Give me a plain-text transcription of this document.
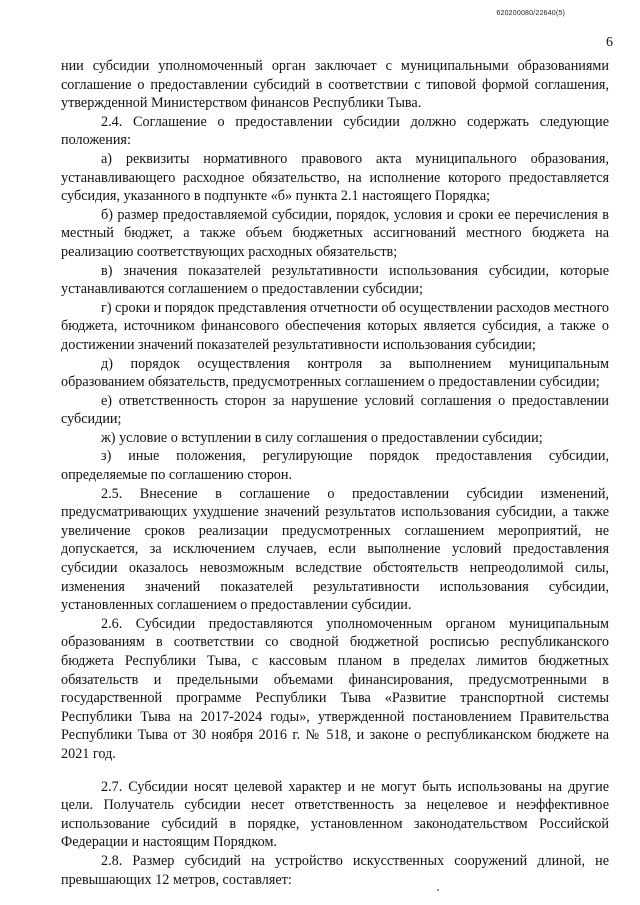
620200080/22640(5)
6

нии субсидии уполномоченный орган заключает с муниципальными образованиями соглашение о предоставлении субсидий в соответствии с типовой формой соглашения, утвержденной Министерством финансов Республики Тыва.

2.4. Соглашение о предоставлении субсидии должно содержать следующие положения:

а) реквизиты нормативного правового акта муниципального образования, устанавливающего расходное обязательство, на исполнение которого предоставляется субсидия, указанного в подпункте «б» пункта 2.1 настоящего Порядка;

б) размер предоставляемой субсидии, порядок, условия и сроки ее перечисления в местный бюджет, а также объем бюджетных ассигнований местного бюджета на реализацию соответствующих расходных обязательств;

в) значения показателей результативности использования субсидии, которые устанавливаются соглашением о предоставлении субсидии;

г) сроки и порядок представления отчетности об осуществлении расходов местного бюджета, источником финансового обеспечения которых является субсидия, а также о достижении значений показателей результативности использования субсидии;

д) порядок осуществления контроля за выполнением муниципальным образованием обязательств, предусмотренных соглашением о предоставлении субсидии;

е) ответственность сторон за нарушение условий соглашения о предоставлении субсидии;

ж) условие о вступлении в силу соглашения о предоставлении субсидии;

з) иные положения, регулирующие порядок предоставления субсидии, определяемые по соглашению сторон.

2.5. Внесение в соглашение о предоставлении субсидии изменений, предусматривающих ухудшение значений результатов использования субсидии, а также увеличение сроков реализации предусмотренных соглашением мероприятий, не допускается, за исключением случаев, если выполнение условий предоставления субсидии оказалось невозможным вследствие обстоятельств непреодолимой силы, изменения значений показателей результативности использования субсидии, установленных соглашением о предоставлении субсидии.

2.6. Субсидии предоставляются уполномоченным органом муниципальным образованиям в соответствии со сводной бюджетной росписью республиканского бюджета Республики Тыва, с кассовым планом в пределах лимитов бюджетных обязательств и предельными объемами финансирования, предусмотренными в государственной программе Республики Тыва «Развитие транспортной системы Республики Тыва на 2017-2024 годы», утвержденной постановлением Правительства Республики Тыва от 30 ноября 2016 г. № 518, и законе о республиканском бюджете на 2021 год.

2.7. Субсидии носят целевой характер и не могут быть использованы на другие цели. Получатель субсидии несет ответственность за нецелевое и неэффективное использование субсидий в порядке, установленном законодательством Российской Федерации и настоящим Порядком.

2.8. Размер субсидий на устройство искусственных сооружений длиной, не превышающих 12 метров, составляет:
